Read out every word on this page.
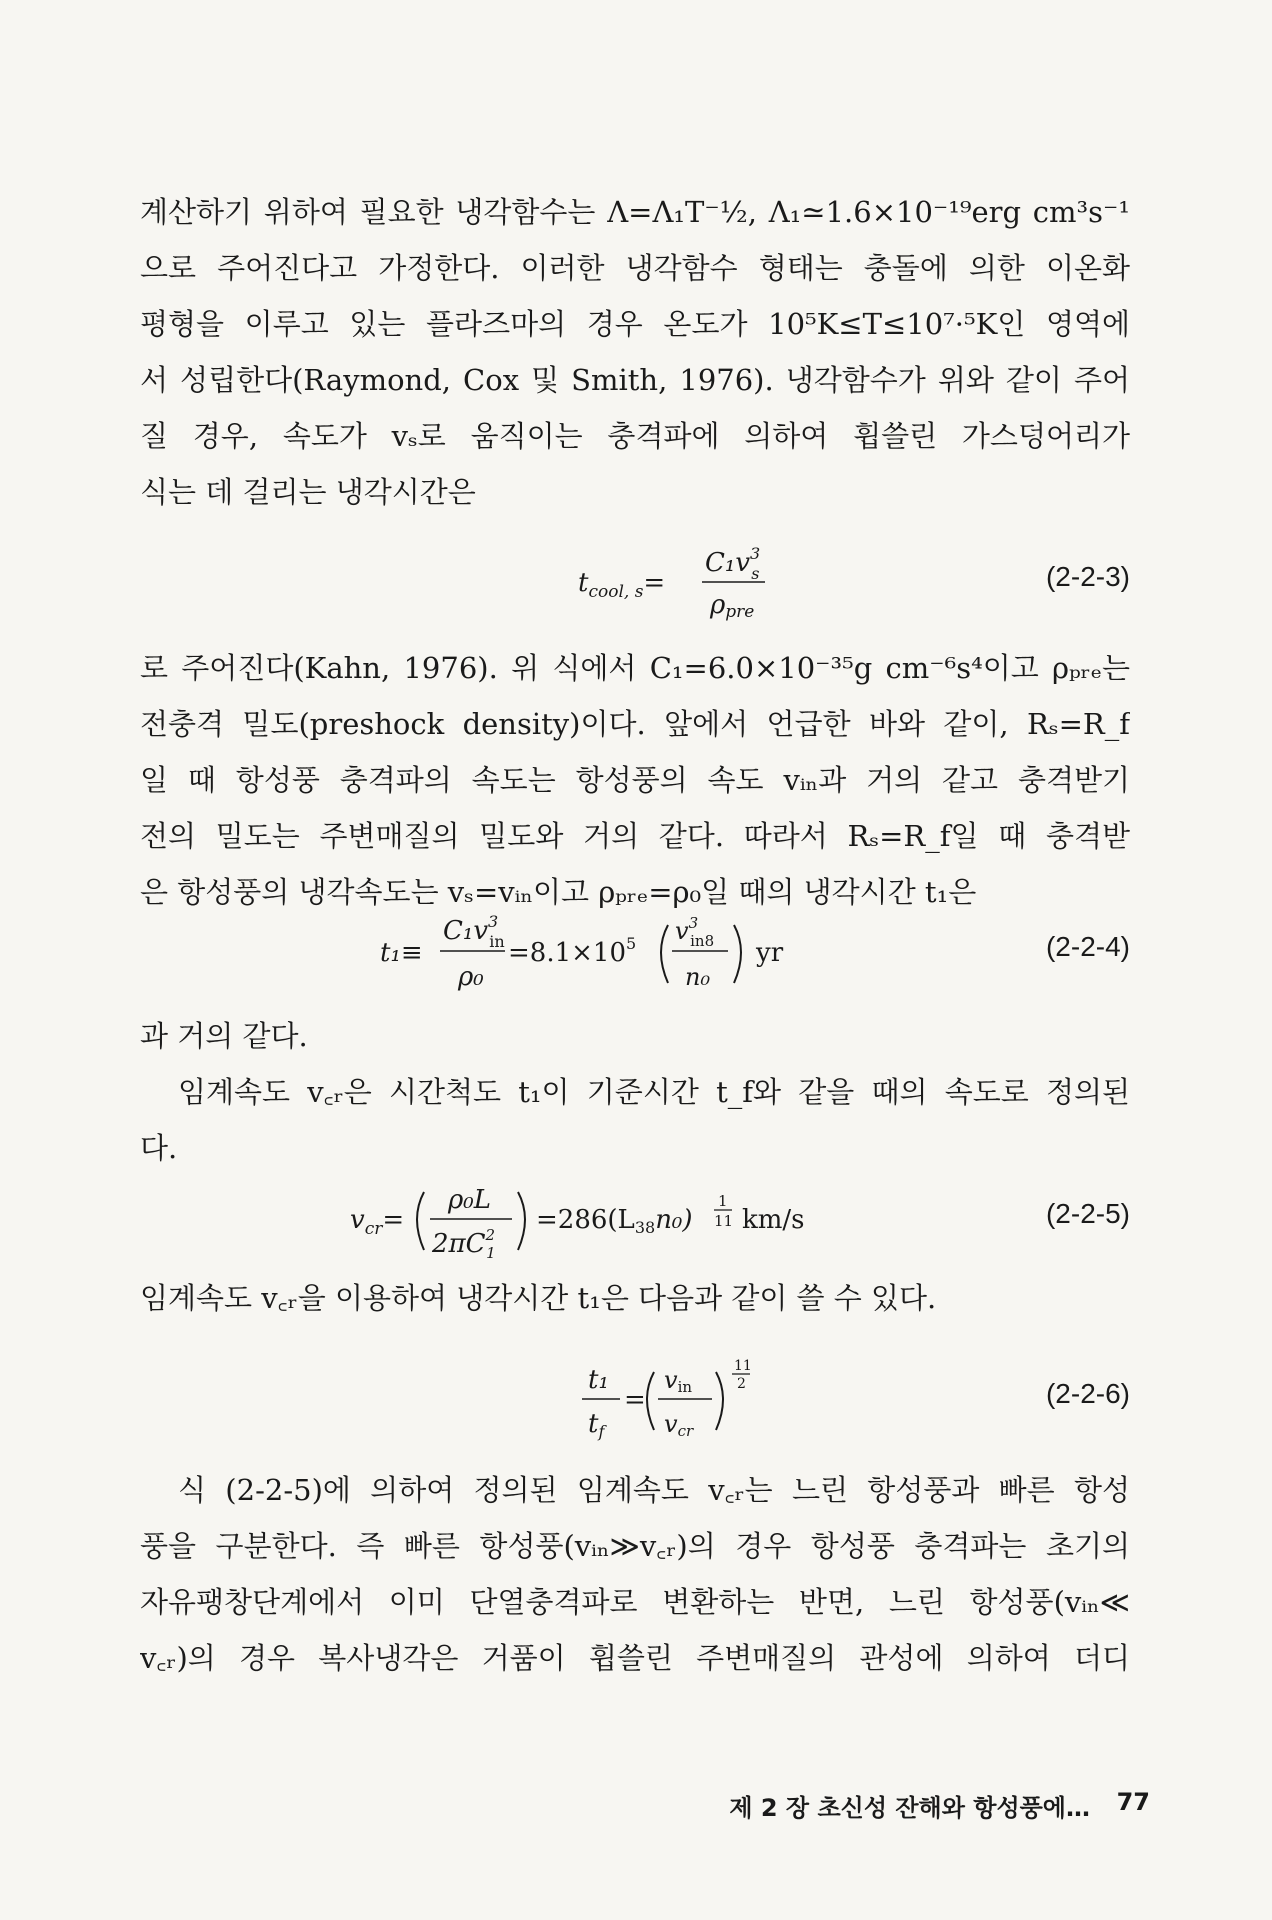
계산하기 위하여 필요한 냉각함수는 Λ=Λ₁T⁻½, Λ₁≃1.6×10⁻¹⁹erg cm³s⁻¹
으로 주어진다고 가정한다. 이러한 냉각함수 형태는 충돌에 의한 이온화
평형을 이루고 있는 플라즈마의 경우 온도가 10⁵K≤T≤10⁷·⁵K인 영역에
서 성립한다(Raymond, Cox 및 Smith, 1976). 냉각함수가 위와 같이 주어
질 경우, 속도가 vₛ로 움직이는 충격파에 의하여 휩쓸린 가스덩어리가
식는 데 걸리는 냉각시간은

$t_{cool, s}=$
$C_1v^3$ s
ρpre
(2-2-3)

로 주어진다(Kahn, 1976). 위 식에서 C₁=6.0×10⁻³⁵g cm⁻⁶s⁴이고 ρₚᵣₑ는
전충격 밀도(preshock density)이다. 앞에서 언급한 바와 같이, Rₛ=R_f
일 때 항성풍 충격파의 속도는 항성풍의 속도 vᵢₙ과 거의 같고 충격받기
전의 밀도는 주변매질의 밀도와 거의 같다. 따라서 Rₛ=R_f일 때 충격받
은 항성풍의 냉각속도는 vₛ=vᵢₙ이고 ρₚᵣₑ=ρ₀일 때의 냉각시간 t₁은

t₁≡
$C_1v^3$ in
ρ₀
$=8.1\times 10^5$ $v^3$ in8
n₀
yr	(2-2-4)

과 거의 같다.

임계속도 v꜀ᵣ은 시간척도 t₁이 기준시간 t_f와 같을 때의 속도로 정의된
다.

$v_{cr}=$
ρ₀L
$2\pi C^2$ 1
=286(L38n₀)
1
11 km/s	(2-2-5)

임계속도 v꜀ᵣ을 이용하여 냉각시간 t₁은 다음과 같이 쓸 수 있다.

t₁
tf
=
vin
vcr
11
2	(2-2-6)

식 (2-2-5)에 의하여 정의된 임계속도 v꜀ᵣ는 느린 항성풍과 빠른 항성
풍을 구분한다. 즉 빠른 항성풍(vᵢₙ≫v꜀ᵣ)의 경우 항성풍 충격파는 초기의
자유팽창단계에서 이미 단열충격파로 변환하는 반면, 느린 항성풍(vᵢₙ≪
v꜀ᵣ)의 경우 복사냉각은 거품이 휩쓸린 주변매질의 관성에 의하여 더디

제 2 장 초신성 잔해와 항성풍에…	77
